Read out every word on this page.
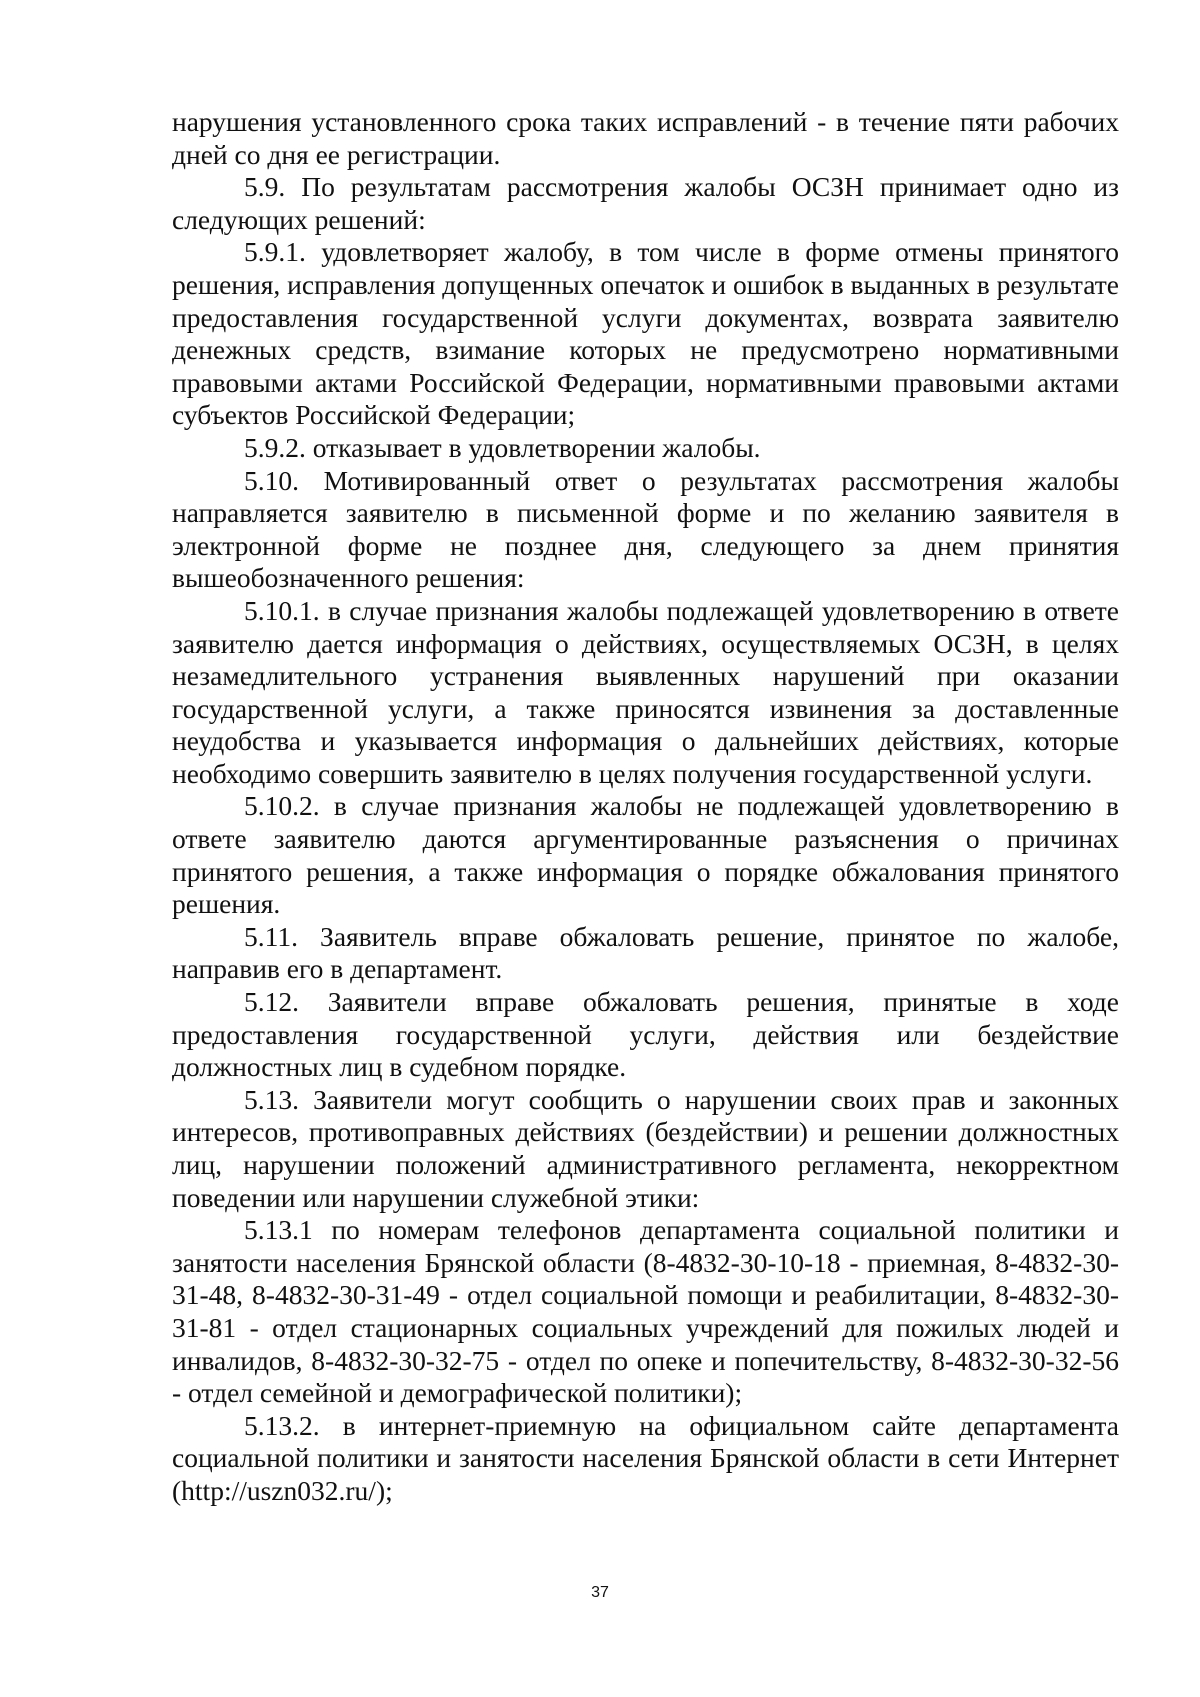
нарушения установленного срока таких исправлений - в течение пяти рабочих дней со дня ее регистрации.

5.9. По результатам рассмотрения жалобы ОСЗН принимает одно из следующих решений:

5.9.1. удовлетворяет жалобу, в том числе в форме отмены принятого решения, исправления допущенных опечаток и ошибок в выданных в результате предоставления государственной услуги документах, возврата заявителю денежных средств, взимание которых не предусмотрено нормативными правовыми актами Российской Федерации, нормативными правовыми актами субъектов Российской Федерации;

5.9.2. отказывает в удовлетворении жалобы.

5.10. Мотивированный ответ о результатах рассмотрения жалобы направляется заявителю в письменной форме и по желанию заявителя в электронной форме не позднее дня, следующего за днем принятия вышеобозначенного решения:

5.10.1. в случае признания жалобы подлежащей удовлетворению в ответе заявителю дается информация о действиях, осуществляемых ОСЗН, в целях незамедлительного устранения выявленных нарушений при оказании государственной услуги, а также приносятся извинения за доставленные неудобства и указывается информация о дальнейших действиях, которые необходимо совершить заявителю в целях получения государственной услуги.

5.10.2. в случае признания жалобы не подлежащей удовлетворению в ответе заявителю даются аргументированные разъяснения о причинах принятого решения, а также информация о порядке обжалования принятого решения.

5.11. Заявитель вправе обжаловать решение, принятое по жалобе, направив его в департамент.

5.12. Заявители вправе обжаловать решения, принятые в ходе предоставления государственной услуги, действия или бездействие должностных лиц в судебном порядке.

5.13. Заявители могут сообщить о нарушении своих прав и законных интересов, противоправных действиях (бездействии) и решении должностных лиц, нарушении положений административного регламента, некорректном поведении или нарушении служебной этики:

5.13.1 по номерам телефонов департамента социальной политики и занятости населения Брянской области (8-4832-30-10-18 - приемная, 8-4832-30-31-48, 8-4832-30-31-49 - отдел социальной помощи и реабилитации, 8-4832-30-31-81 - отдел стационарных социальных учреждений для пожилых людей и инвалидов, 8-4832-30-32-75 - отдел по опеке и попечительству, 8-4832-30-32-56 - отдел семейной и демографической политики);

5.13.2. в интернет-приемную на официальном сайте департамента социальной политики и занятости населения Брянской области в сети Интернет (http://uszn032.ru/);

37
